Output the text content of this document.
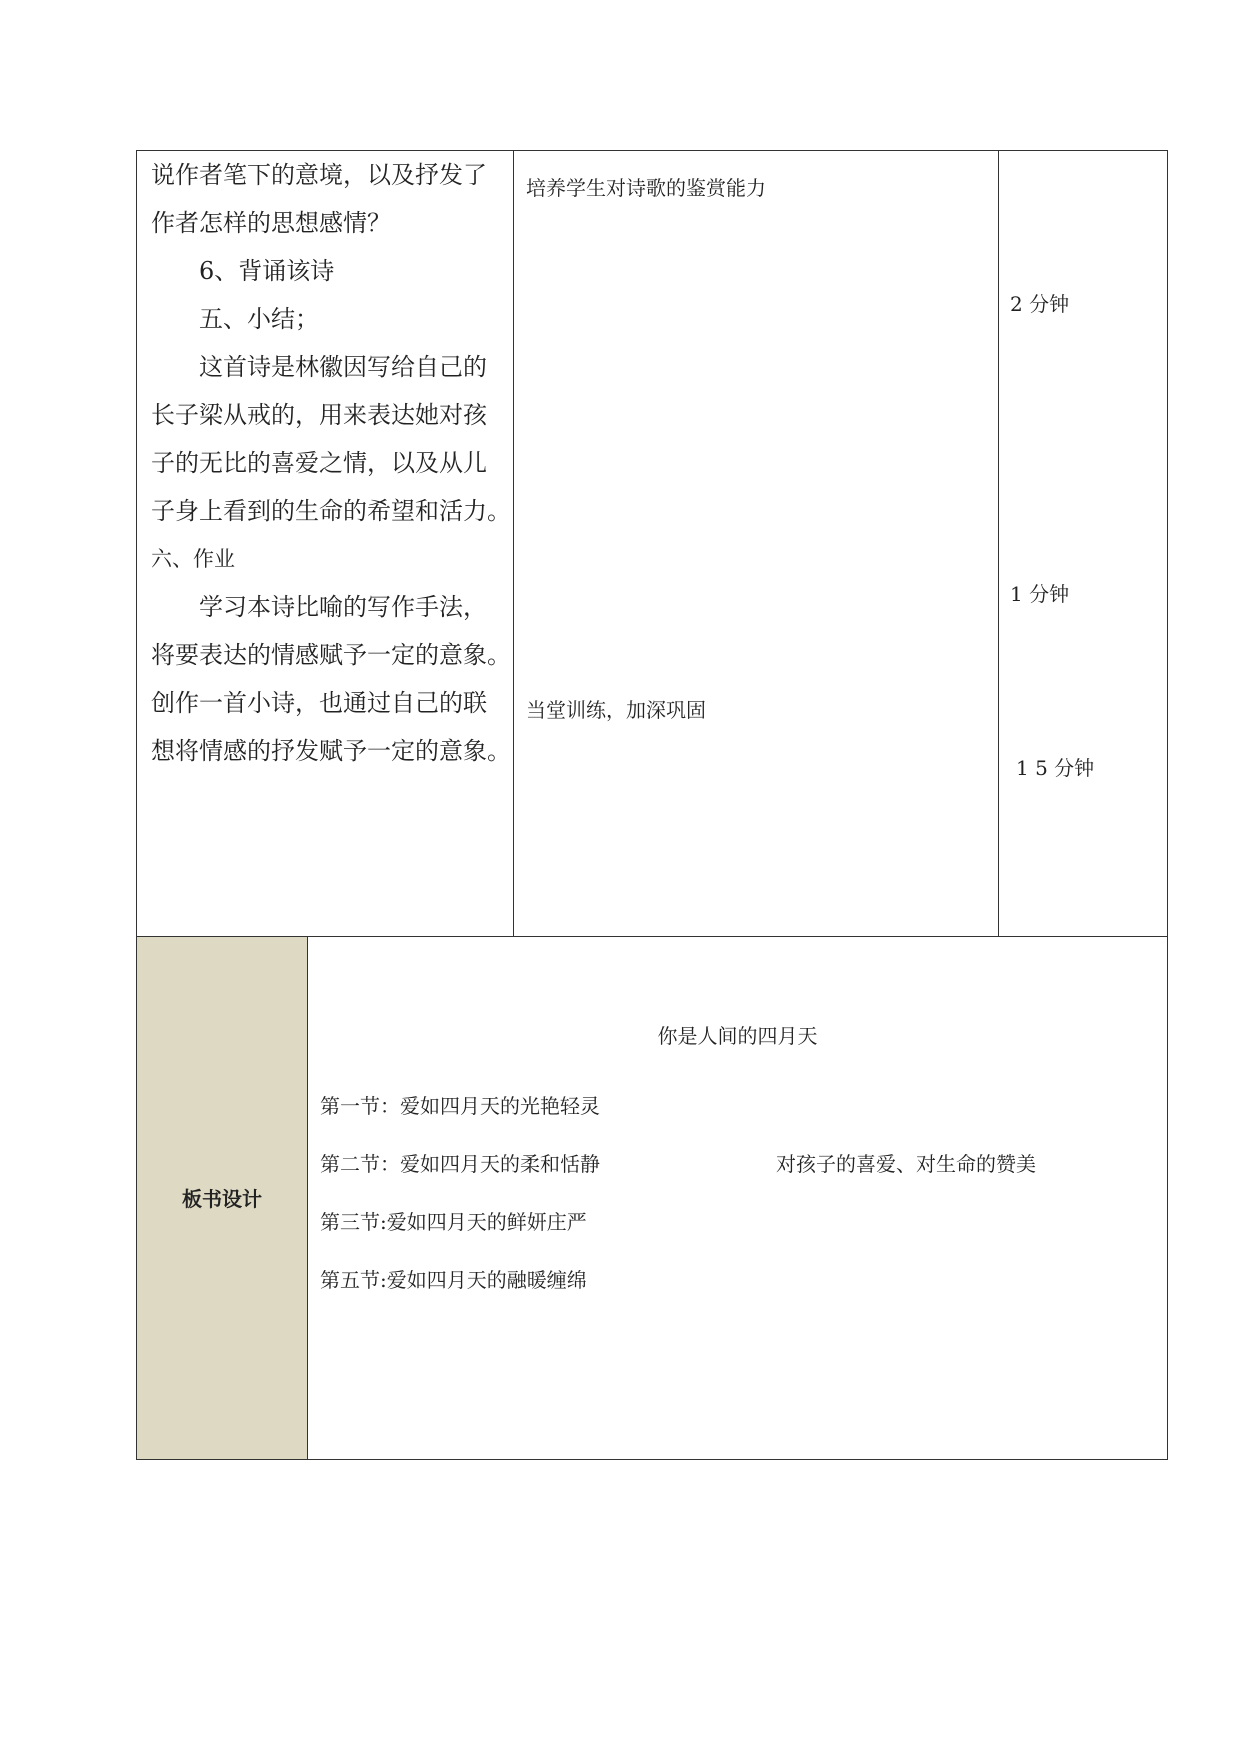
说作者笔下的意境，以及抒发了
作者怎样的思想感情？
　　6、背诵该诗
　　五、小结；
　　这首诗是林徽因写给自己的
长子梁从戒的，用来表达她对孩
子的无比的喜爱之情，以及从儿
子身上看到的生命的希望和活力。
六、作业
　　学习本诗比喻的写作手法，
将要表达的情感赋予一定的意象。
创作一首小诗，也通过自己的联
想将情感的抒发赋予一定的意象。
培养学生对诗歌的鉴赏能力
当堂训练，加深巩固
2 分钟
1 分钟
1 5 分钟
板书设计
你是人间的四月天
第一节：爱如四月天的光艳轻灵
第二节：爱如四月天的柔和恬静	对孩子的喜爱、对生命的赞美
第三节:爱如四月天的鲜妍庄严
第五节:爱如四月天的融暖缠绵
